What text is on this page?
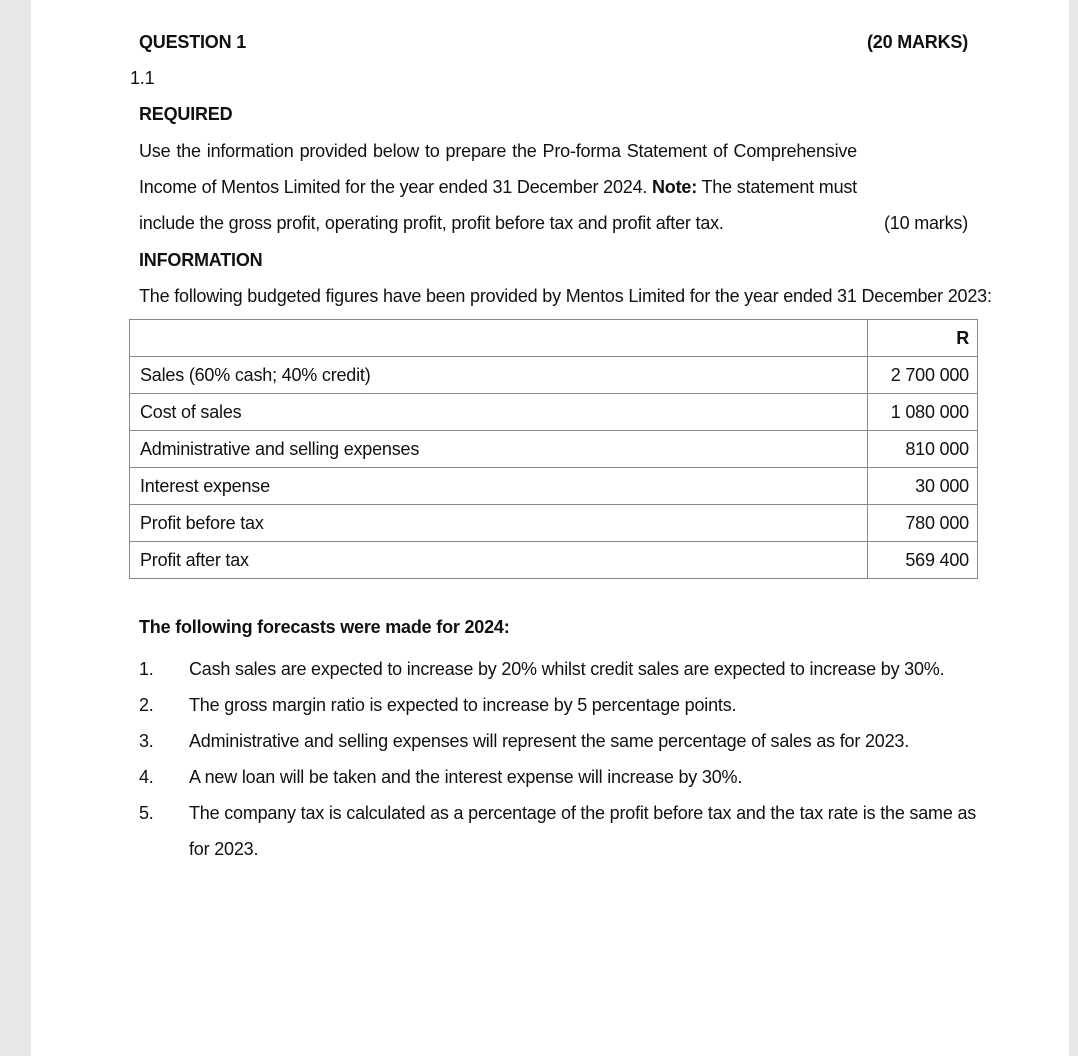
QUESTION 1	(20 MARKS)
1.1
REQUIRED
Use the information provided below to prepare the Pro-forma Statement of Comprehensive
Income of Mentos Limited for the year ended 31 December 2024. Note: The statement must
include the gross profit, operating profit, profit before tax and profit after tax.	(10 marks)
INFORMATION
The following budgeted figures have been provided by Mentos Limited for the year ended 31 December 2023:
	R
Sales (60% cash; 40% credit)	2 700 000
Cost of sales	1 080 000
Administrative and selling expenses	810 000
Interest expense	30 000
Profit before tax	780 000
Profit after tax	569 400
The following forecasts were made for 2024:
1. Cash sales are expected to increase by 20% whilst credit sales are expected to increase by 30%.
2. The gross margin ratio is expected to increase by 5 percentage points.
3. Administrative and selling expenses will represent the same percentage of sales as for 2023.
4. A new loan will be taken and the interest expense will increase by 30%.
5. The company tax is calculated as a percentage of the profit before tax and the tax rate is the same as for 2023.
